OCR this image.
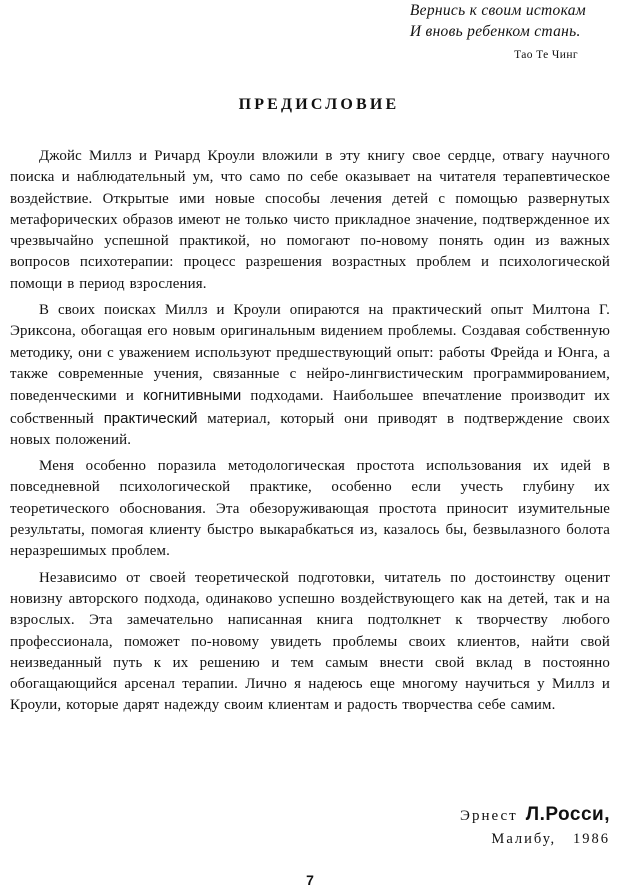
Вернись к своим истокам
И вновь ребенком стань.
Тао Те Чинг
ПРЕДИСЛОВИЕ

Джойс Миллз и Ричард Кроули вложили в эту книгу свое сердце, отвагу научного поиска и наблюдательный ум, что само по себе оказывает на читателя терапевтическое воздействие. Открытые ими новые способы лечения детей с помощью развернутых метафорических образов имеют не только чисто прикладное значение, подтвержденное их чрезвычайно успешной практикой, но помогают по-новому понять один из важных вопросов психотерапии: процесс разрешения возрастных проблем и психологической помощи в период взросления.

В своих поисках Миллз и Кроули опираются на практический опыт Милтона Г. Эриксона, обогащая его новым оригинальным видением проблемы. Создавая собственную методику, они с уважением используют предшествующий опыт: работы Фрейда и Юнга, а также современные учения, связанные с нейро-лингвистическим программированием, поведенческими и когнитивными подходами. Наибольшее впечатление производит их собственный практический материал, который они приводят в подтверждение своих новых положений.

Меня особенно поразила методологическая простота использования их идей в повседневной психологической практике, особенно если учесть глубину их теоретического обоснования. Эта обезоруживающая простота приносит изумительные результаты, помогая клиенту быстро выкарабкаться из, казалось бы, безвылазного болота неразрешимых проблем.

Независимо от своей теоретической подготовки, читатель по достоинству оценит новизну авторского подхода, одинаково успешно воздействующего как на детей, так и на взрослых. Эта замечательно написанная книга подтолкнет к творчеству любого профессионала, поможет по-новому увидеть проблемы своих клиентов, найти свой неизведанный путь к их решению и тем самым внести свой вклад в постоянно обогащающийся арсенал терапии. Лично я надеюсь еще многому научиться у Миллз и Кроули, которые дарят надежду своим клиентам и радость творчества себе самим.

Эрнест Л.Росси,
Малибу, 1986
7
